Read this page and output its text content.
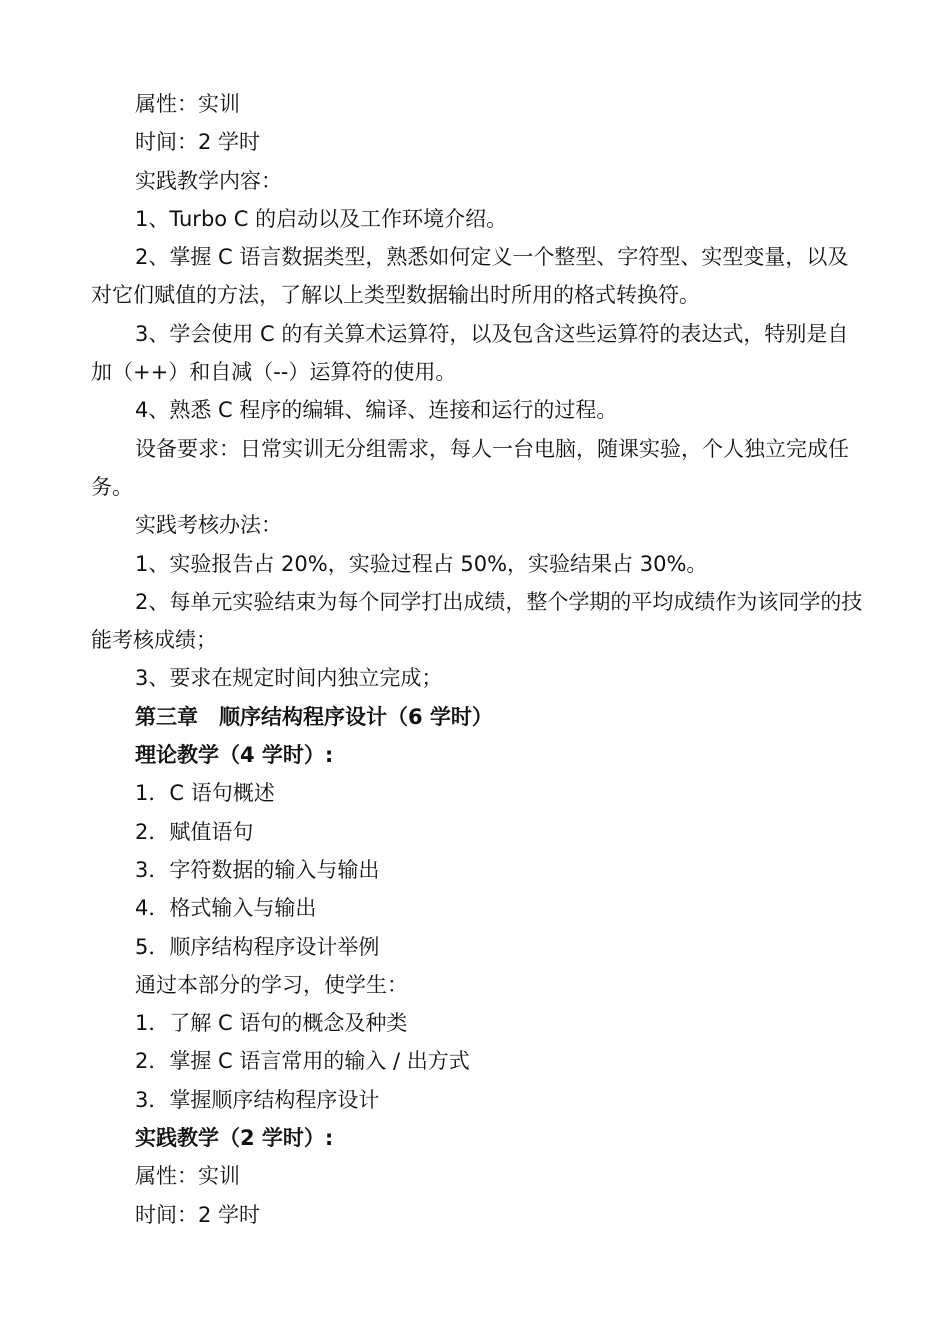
属性：实训

时间：2 学时

实践教学内容：

1、Turbo C 的启动以及工作环境介绍。

2、掌握 C 语言数据类型，熟悉如何定义一个整型、字符型、实型变量，以及对它们赋值的方法，了解以上类型数据输出时所用的格式转换符。

3、学会使用 C 的有关算术运算符，以及包含这些运算符的表达式，特别是自加（++）和自减（--）运算符的使用。

4、熟悉 C 程序的编辑、编译、连接和运行的过程。

设备要求：日常实训无分组需求，每人一台电脑，随课实验，个人独立完成任务。

实践考核办法：

1、实验报告占 20%，实验过程占 50%，实验结果占 30%。

2、每单元实验结束为每个同学打出成绩，整个学期的平均成绩作为该同学的技能考核成绩；

3、要求在规定时间内独立完成；

第三章　顺序结构程序设计（6 学时）

理论教学（4 学时）:

1．C 语句概述

2．赋值语句

3．字符数据的输入与输出

4．格式输入与输出

5．顺序结构程序设计举例

通过本部分的学习，使学生：

1．了解 C 语句的概念及种类

2．掌握 C 语言常用的输入 / 出方式

3．掌握顺序结构程序设计

实践教学（2 学时）:

属性：实训

时间：2 学时
